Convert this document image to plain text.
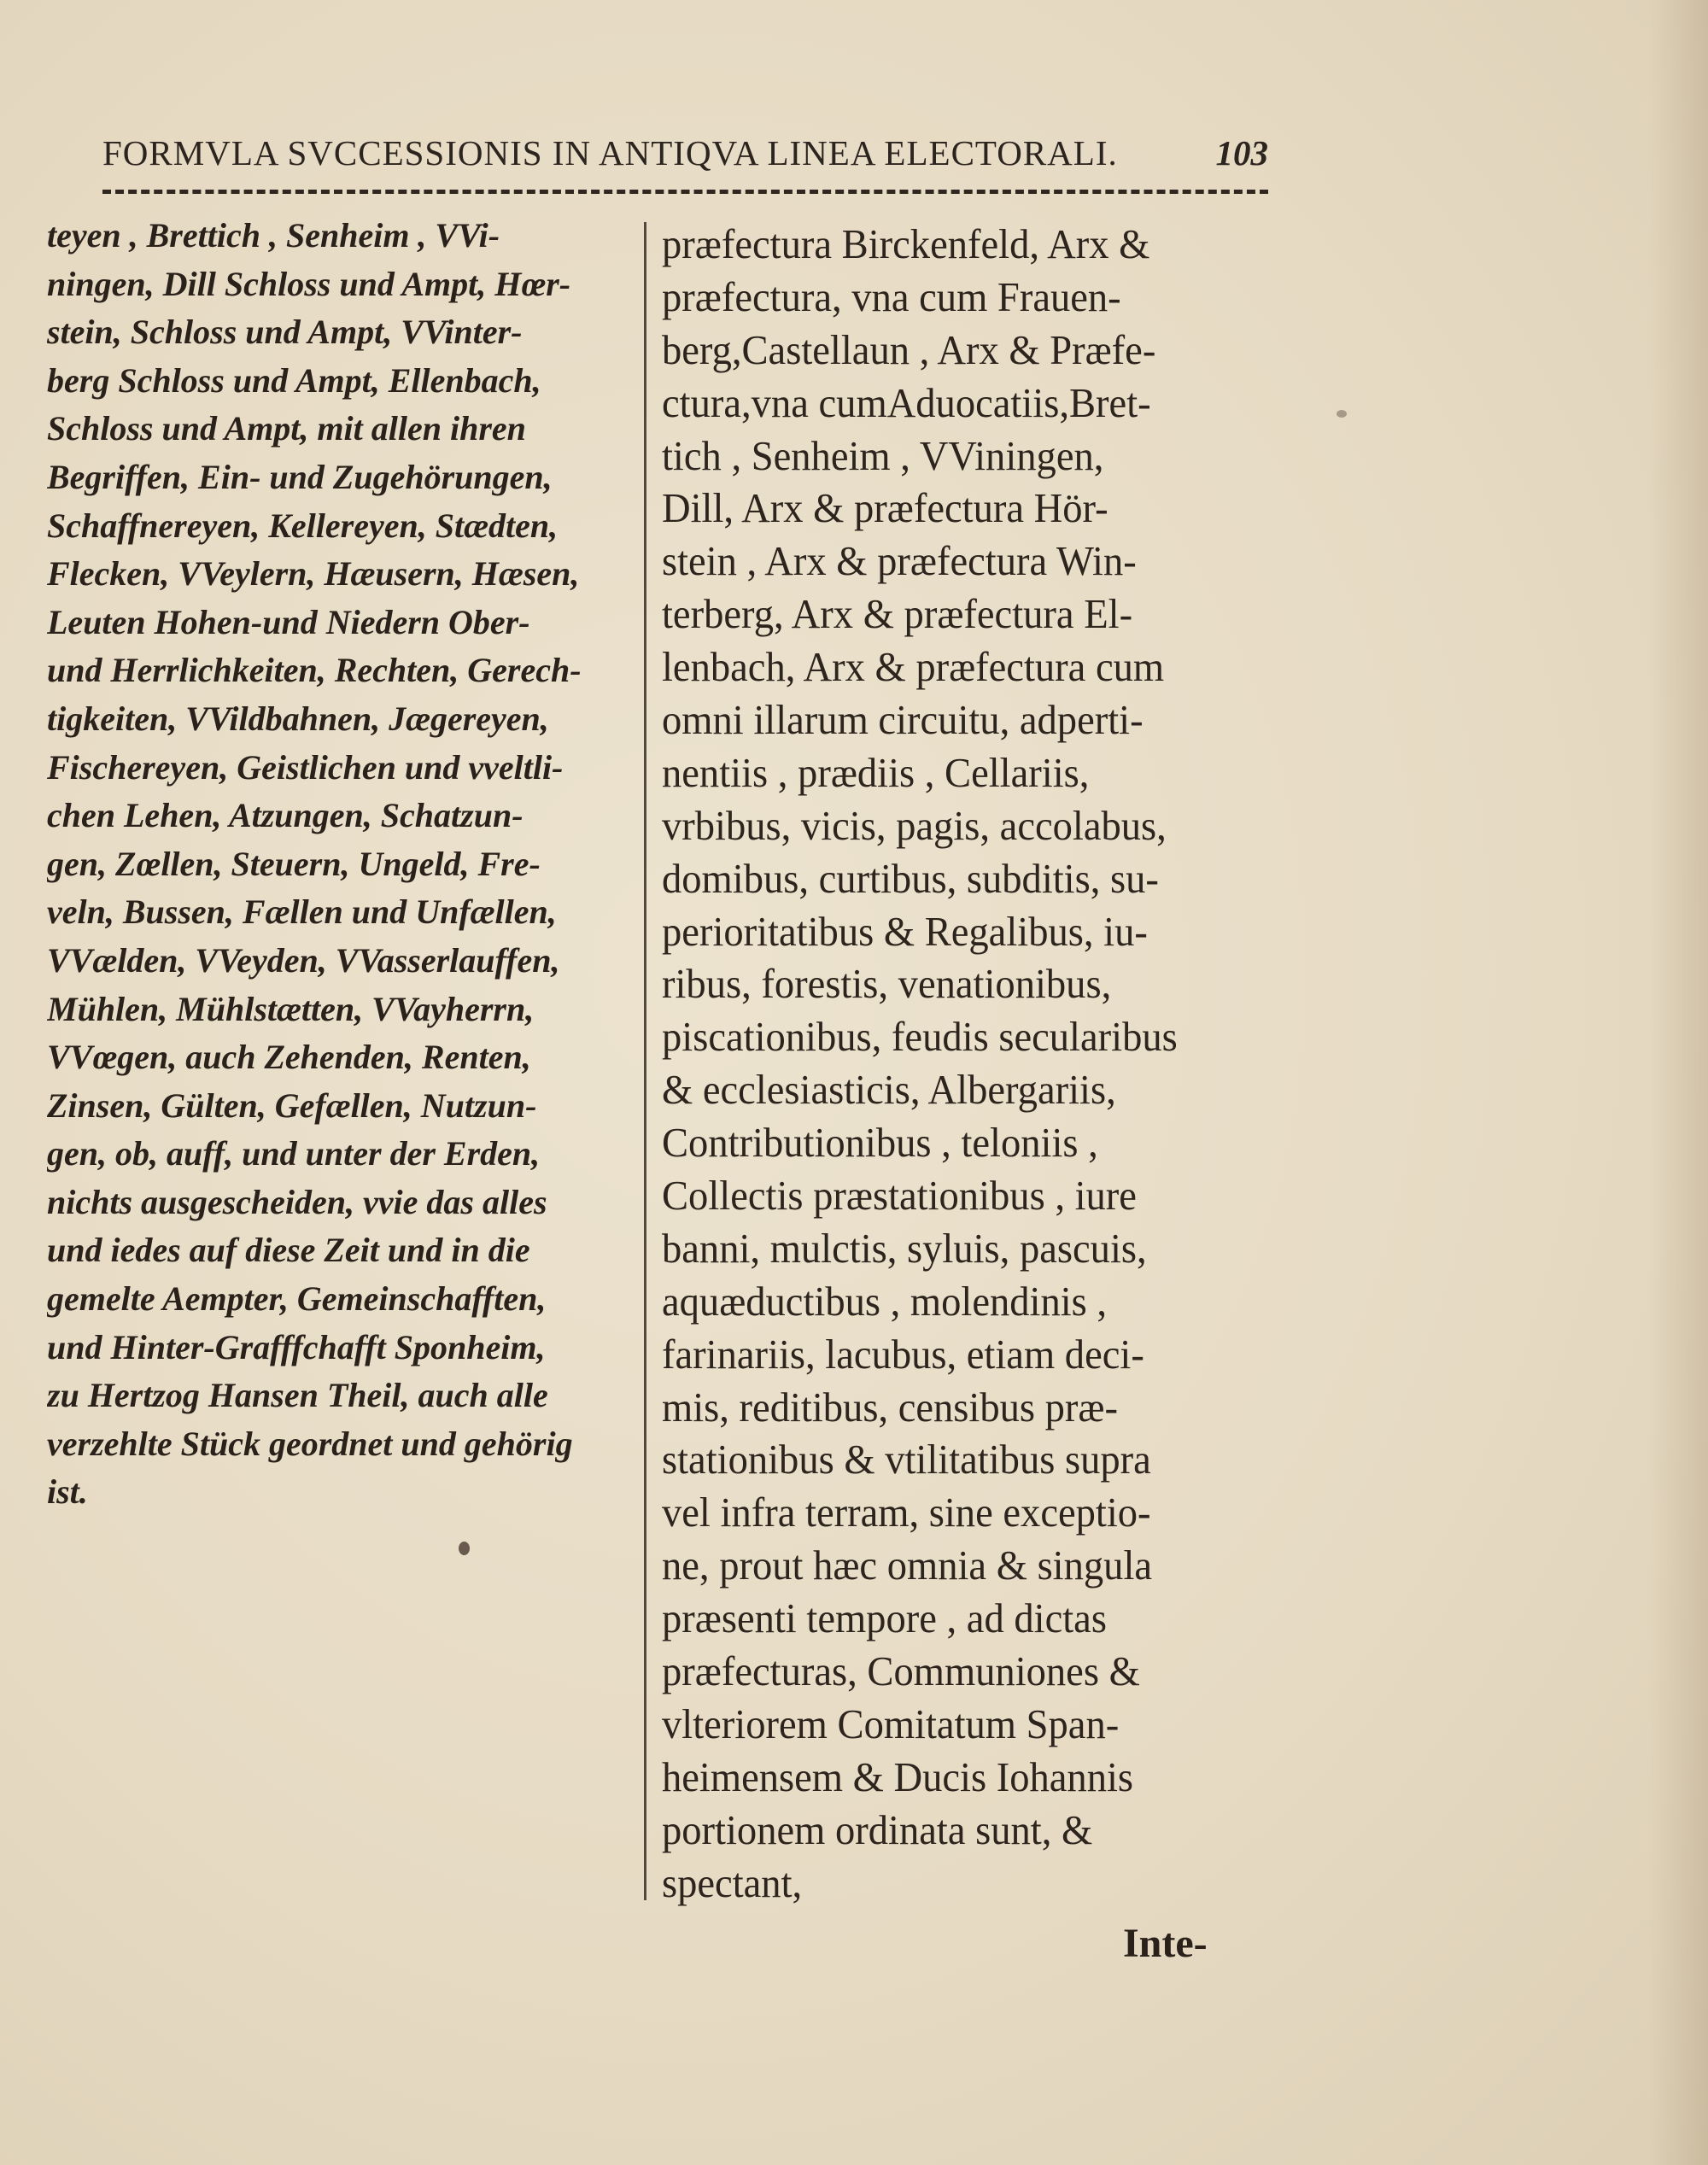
FORMVLA SVCCESSIONIS IN ANTIQVA LINEA ELECTORALI.	103
teyen , Brettich , Senheim , VVi-
ningen, Dill Schloss und Ampt, Hœr-
stein, Schloss und Ampt, VVinter-
berg Schloss und Ampt, Ellenbach,
Schloss und Ampt, mit allen ihren
Begriffen, Ein- und Zugehörungen,
Schaffnereyen, Kellereyen, Stædten,
Flecken, VVeylern, Hæusern, Hæsen,
Leuten Hohen-und Niedern Ober-
und Herrlichkeiten, Rechten, Gerech-
tigkeiten, VVildbahnen, Jægereyen,
Fischereyen, Geistlichen und vveltli-
chen Lehen, Atzungen, Schatzun-
gen, Zœllen, Steuern, Ungeld, Fre-
veln, Bussen, Fællen und Unfællen,
VVælden, VVeyden, VVasserlauffen,
Mühlen, Mühlstætten, VVayherrn,
VVœgen, auch Zehenden, Renten,
Zinsen, Gülten, Gefællen, Nutzun-
gen, ob, auff, und unter der Erden,
nichts ausgescheiden, vvie das alles
und iedes auf diese Zeit und in die
gemelte Aempter, Gemeinschafften,
und Hinter-Grafffchafft Sponheim,
zu Hertzog Hansen Theil, auch alle
verzehlte Stück geordnet und gehörig
ist.
præfectura Birckenfeld, Arx &
præfectura, vna cum Frauen-
berg,Castellaun , Arx & Præfe-
ctura,vna cumAduocatiis,Bret-
tich , Senheim , VViningen,
Dill, Arx & præfectura Hör-
stein , Arx & præfectura Win-
terberg, Arx & præfectura El-
lenbach, Arx & præfectura cum
omni illarum circuitu, adperti-
nentiis , prædiis , Cellariis,
vrbibus, vicis, pagis, accolabus,
domibus, curtibus, subditis, su-
perioritatibus & Regalibus, iu-
ribus, forestis, venationibus,
piscationibus, feudis secularibus
& ecclesiasticis, Albergariis,
Contributionibus , teloniis ,
Collectis præstationibus , iure
banni, mulctis, syluis, pascuis,
aquæductibus , molendinis ,
farinariis, lacubus, etiam deci-
mis, reditibus, censibus præ-
stationibus & vtilitatibus supra
vel infra terram, sine exceptio-
ne, prout hæc omnia & singula
præsenti tempore , ad dictas
præfecturas, Communiones &
vlteriorem Comitatum Span-
heimensem & Ducis Iohannis
portionem ordinata sunt, &
spectant,
Inte-
